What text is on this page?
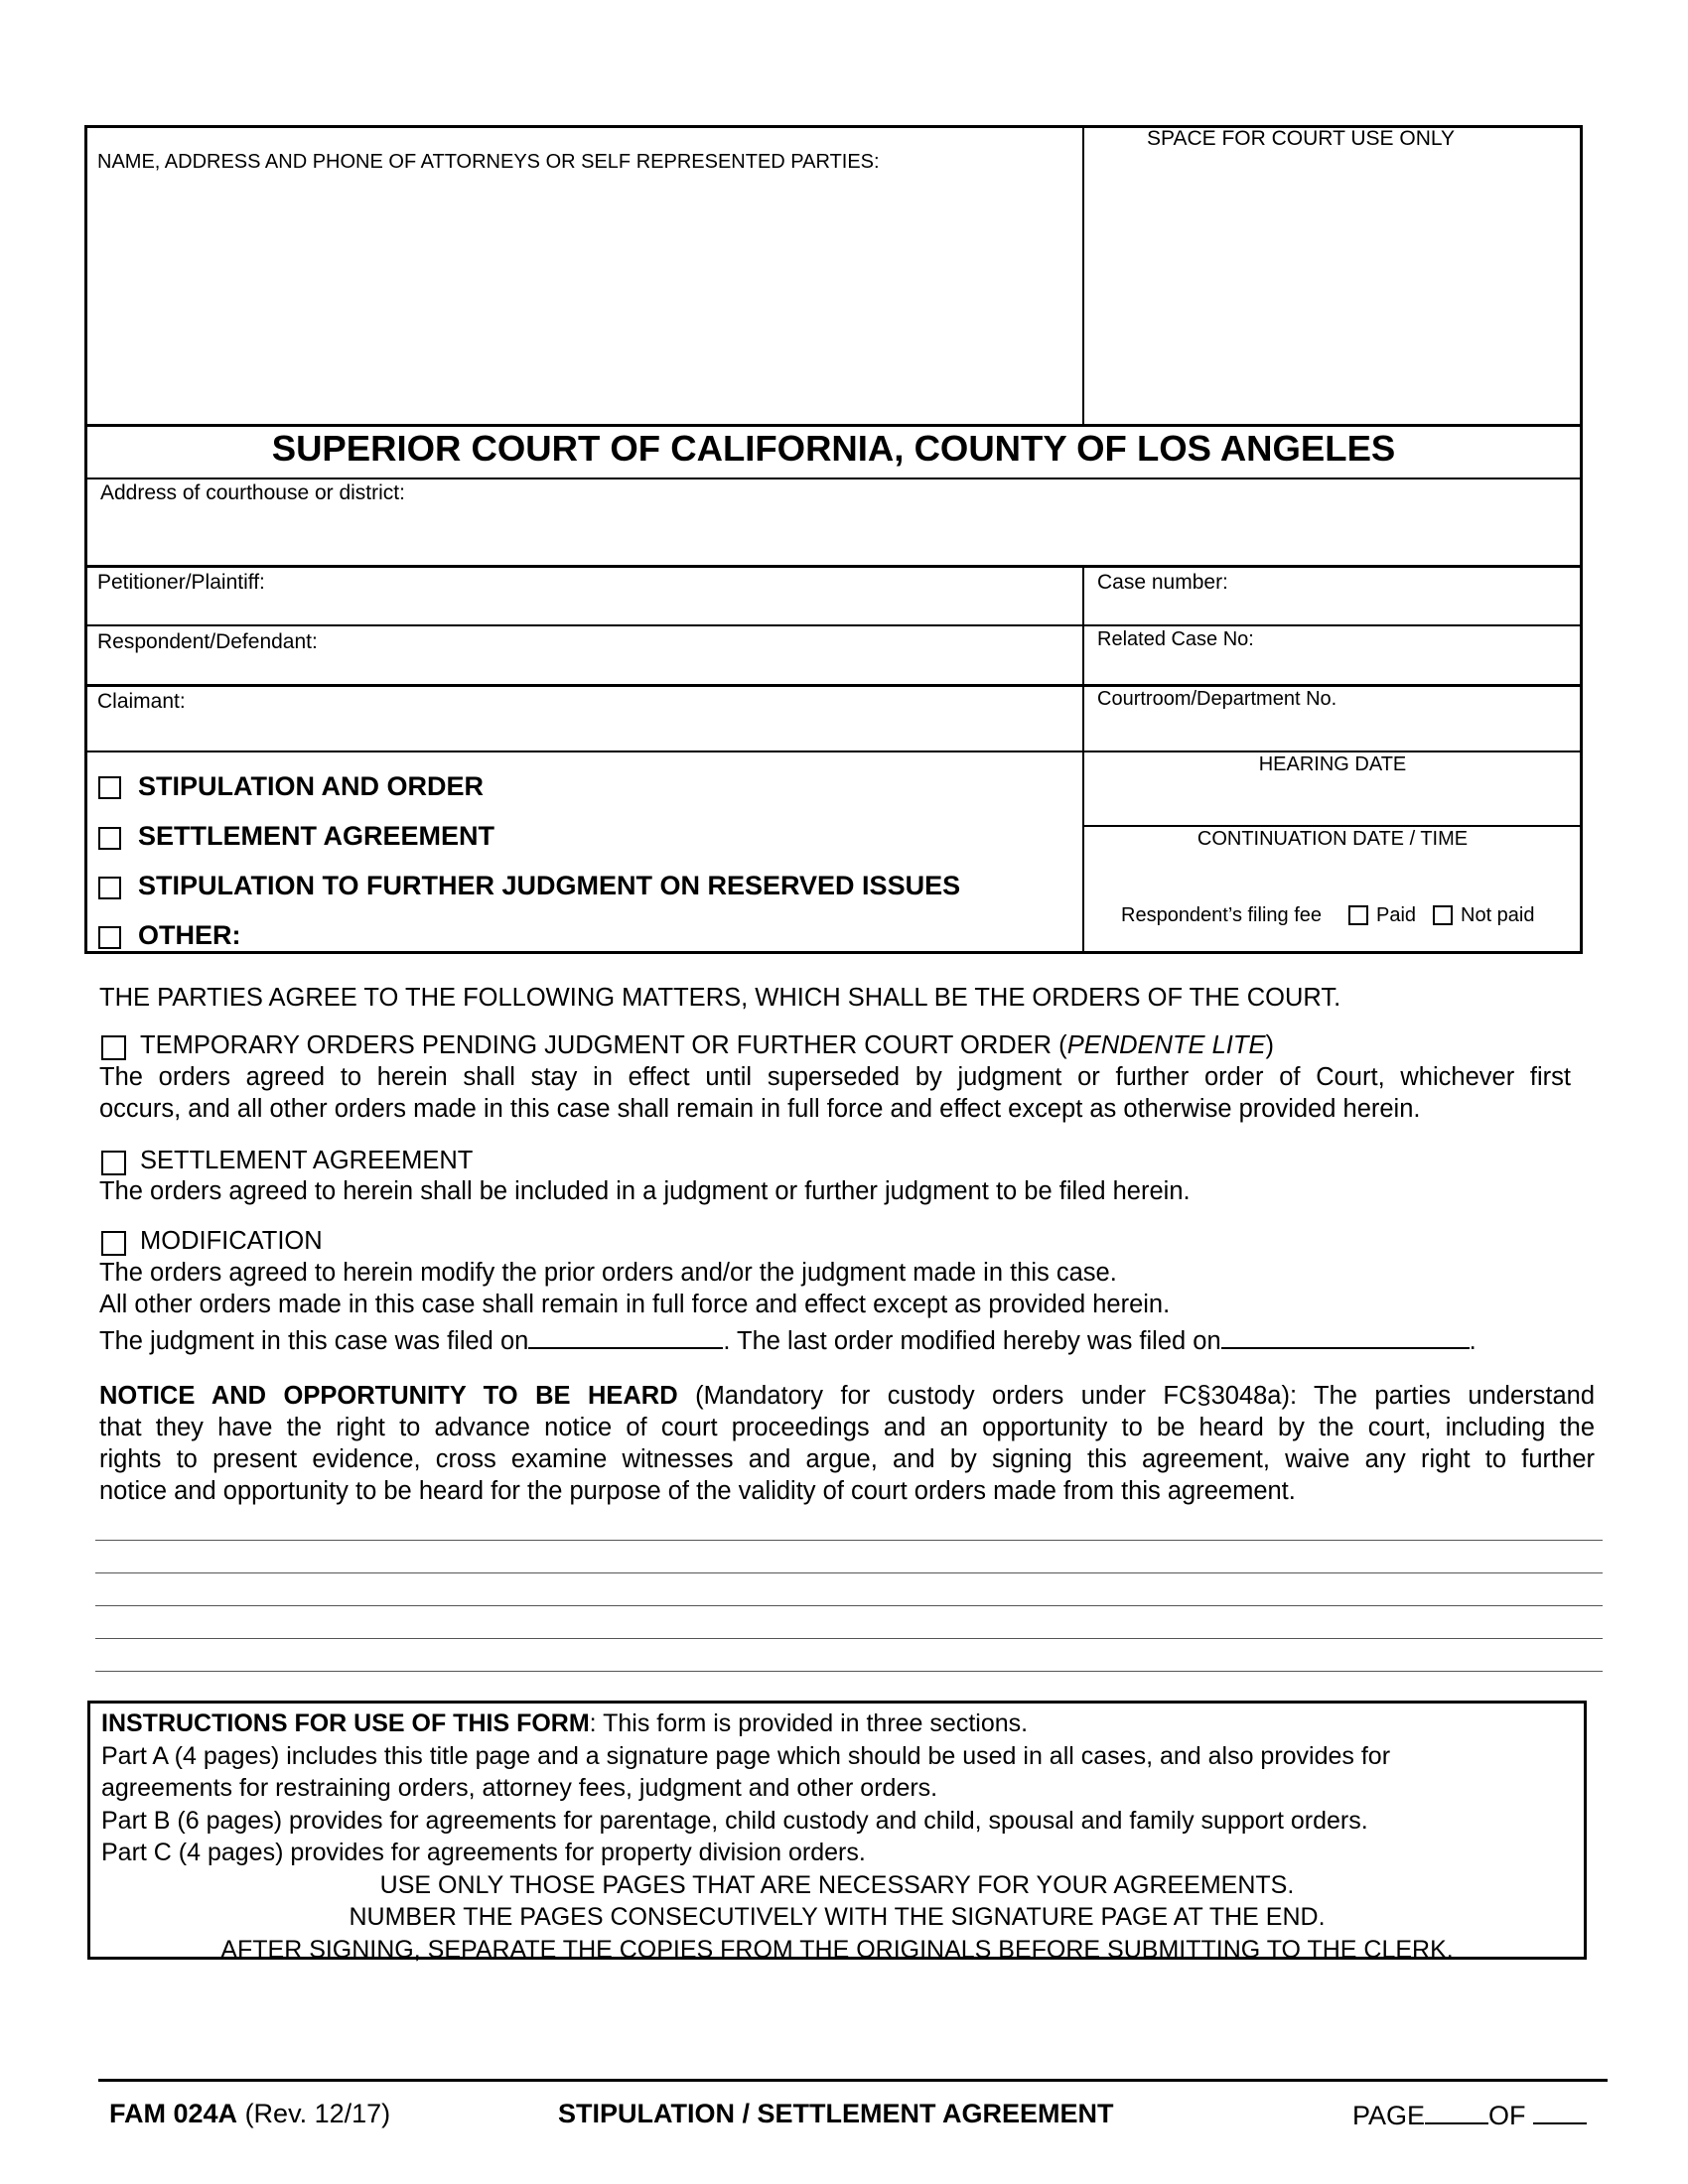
NAME, ADDRESS AND PHONE OF ATTORNEYS OR SELF REPRESENTED PARTIES:
SPACE FOR COURT USE ONLY
SUPERIOR COURT OF CALIFORNIA, COUNTY OF LOS ANGELES
Address of courthouse or district:
Petitioner/Plaintiff:	Case number:
Respondent/Defendant:	Related Case No:
Claimant:	Courtroom/Department No.
STIPULATION AND ORDER
SETTLEMENT AGREEMENT
STIPULATION TO FURTHER JUDGMENT ON RESERVED ISSUES
OTHER:
HEARING DATE
CONTINUATION DATE / TIME
Respondent’s filing fee	Paid Not paid
THE PARTIES AGREE TO THE FOLLOWING MATTERS, WHICH SHALL BE THE ORDERS OF THE COURT.
TEMPORARY ORDERS PENDING JUDGMENT OR FURTHER COURT ORDER (PENDENTE LITE)
The orders agreed to herein shall stay in effect until superseded by judgment or further order of Court, whichever first
occurs, and all other orders made in this case shall remain in full force and effect except as otherwise provided herein.
SETTLEMENT AGREEMENT
The orders agreed to herein shall be included in a judgment or further judgment to be filed herein.
MODIFICATION
The orders agreed to herein modify the prior orders and/or the judgment made in this case.
All other orders made in this case shall remain in full force and effect except as provided herein.
The judgment in this case was filed on	. The last order modified hereby was filed on	.
NOTICE AND OPPORTUNITY TO BE HEARD (Mandatory for custody orders under FC§3048a): The parties understand
that they have the right to advance notice of court proceedings and an opportunity to be heard by the court, including the
rights to present evidence, cross examine witnesses and argue, and by signing this agreement, waive any right to further
notice and opportunity to be heard for the purpose of the validity of court orders made from this agreement.
INSTRUCTIONS FOR USE OF THIS FORM: This form is provided in three sections.
Part A (4 pages) includes this title page and a signature page which should be used in all cases, and also provides for
agreements for restraining orders, attorney fees, judgment and other orders.
Part B (6 pages) provides for agreements for parentage, child custody and child, spousal and family support orders.
Part C (4 pages) provides for agreements for property division orders.
USE ONLY THOSE PAGES THAT ARE NECESSARY FOR YOUR AGREEMENTS.
NUMBER THE PAGES CONSECUTIVELY WITH THE SIGNATURE PAGE AT THE END.
AFTER SIGNING, SEPARATE THE COPIES FROM THE ORIGINALS BEFORE SUBMITTING TO THE CLERK.
FAM 024A (Rev. 12/17)	STIPULATION / SETTLEMENT AGREEMENT	PAGE OF
